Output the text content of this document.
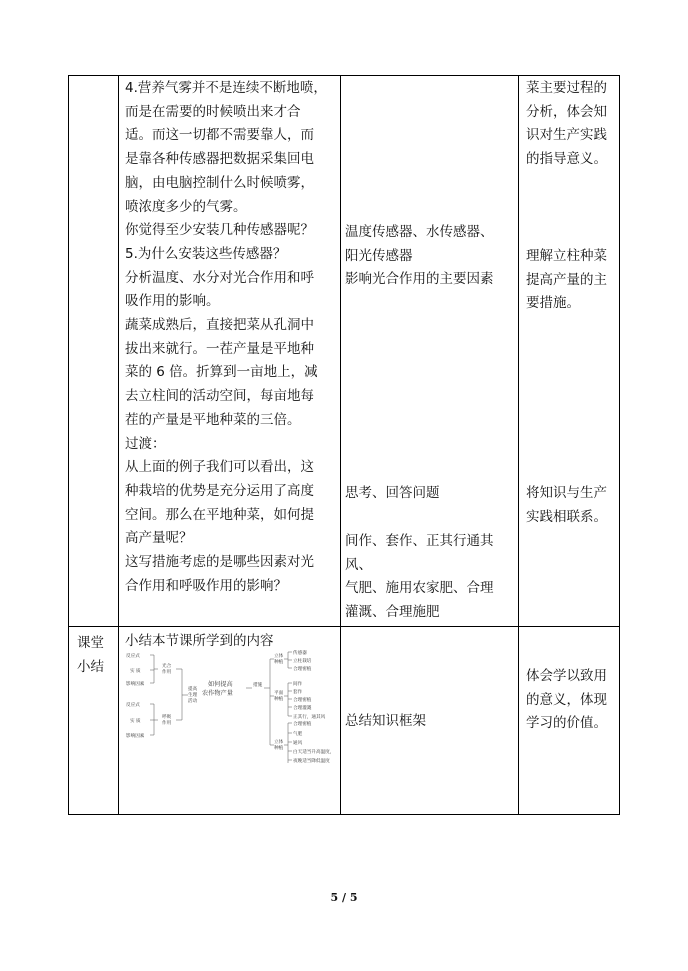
4.营养气雾并不是连续不断地喷，

而是在需要的时候喷出来才合

适。而这一切都不需要靠人，而

是靠各种传感器把数据采集回电

脑，由电脑控制什么时候喷雾，

喷浓度多少的气雾。

你觉得至少安装几种传感器呢？

5.为什么安装这些传感器？

分析温度、水分对光合作用和呼

吸作用的影响。

蔬菜成熟后，直接把菜从孔洞中

拔出来就行。一茬产量是平地种

菜的 6 倍。折算到一亩地上，减

去立柱间的活动空间，每亩地每

茬的产量是平地种菜的三倍。

过渡：

从上面的例子我们可以看出，这

种栽培的优势是充分运用了高度

空间。那么在平地种菜，如何提

高产量呢？

这写措施考虑的是哪些因素对光

合作用和呼吸作用的影响？

温度传感器、水传感器、

阳光传感器

影响光合作用的主要因素

思考、回答问题

间作、套作、正其行通其

风、

气肥、施用农家肥、合理

灌溉、合理施肥

菜主要过程的

分析，体会知

识对生产实践

的指导意义。

理解立柱种菜

提高产量的主

要措施。

将知识与生产

实践相联系。

课堂

小结

小结本节课所学到的内容
反应式
实 质
影响因素
反应式
实 质
影响因素
光合
作用
呼吸
作用
提高
生理
活动
如何提高
农作物产量
措施
立体
种植
平面
种植
立体
种植
传感器
立柱栽培
合理密植
间作
套作
合理密植
合理灌溉
正其行，通其风
合理密植
气肥
通风
白天适当升高温度，
夜晚适当降低温度

总结知识框架

体会学以致用

的意义，体现

学习的价值。

5 / 5
